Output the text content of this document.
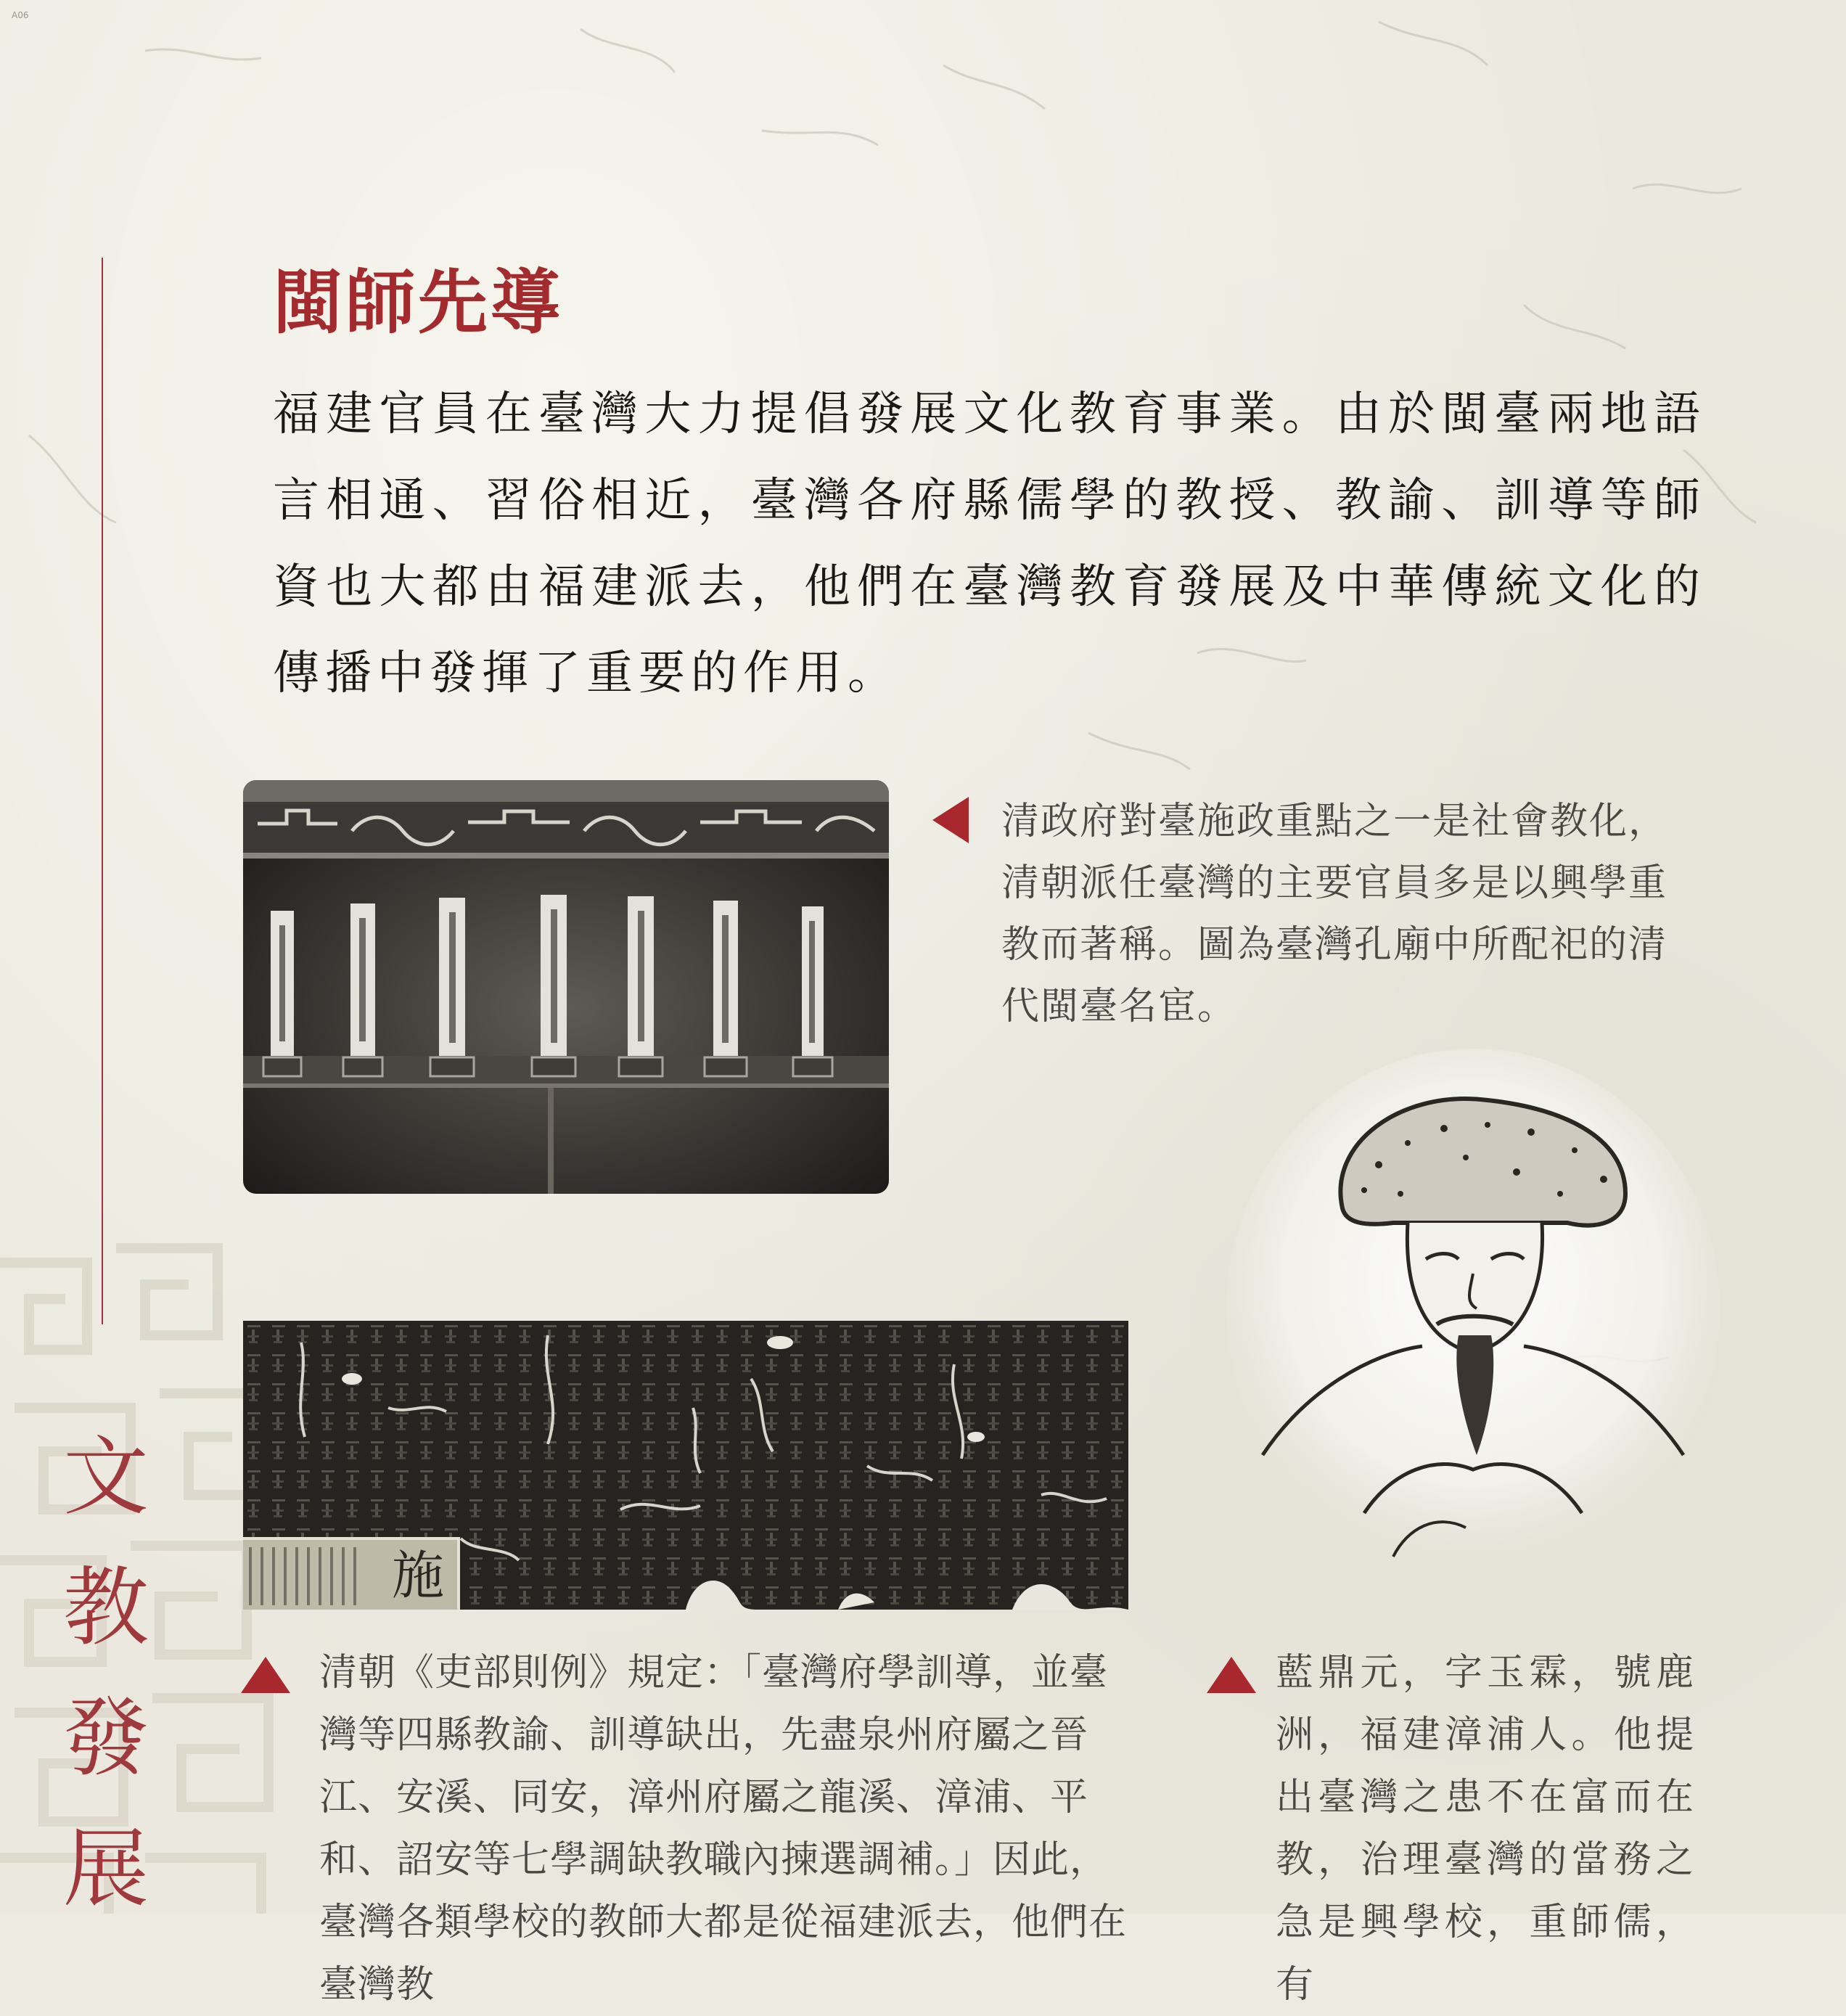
A06
閩師先導

福建官員在臺灣大力提倡發展文化教育事業。由於閩臺兩地語言相通、習俗相近，臺灣各府縣儒學的教授、教諭、訓導等師資也大都由福建派去，他們在臺灣教育發展及中華傳統文化的傳播中發揮了重要的作用。

清政府對臺施政重點之一是社會教化，清朝派任臺灣的主要官員多是以興學重教而著稱。圖為臺灣孔廟中所配祀的清代閩臺名宦。

施

清朝《吏部則例》規定：「臺灣府學訓導，並臺灣等四縣教諭、訓導缺出，先盡泉州府屬之晉江、安溪、同安，漳州府屬之龍溪、漳浦、平和、詔安等七學調缺教職內揀選調補。」因此，臺灣各類學校的教師大都是從福建派去，他們在臺灣教

藍鼎元，字玉霖，號鹿洲，福建漳浦人。他提出臺灣之患不在富而在教，治理臺灣的當務之急是興學校，重師儒，有

文
教
發
展
